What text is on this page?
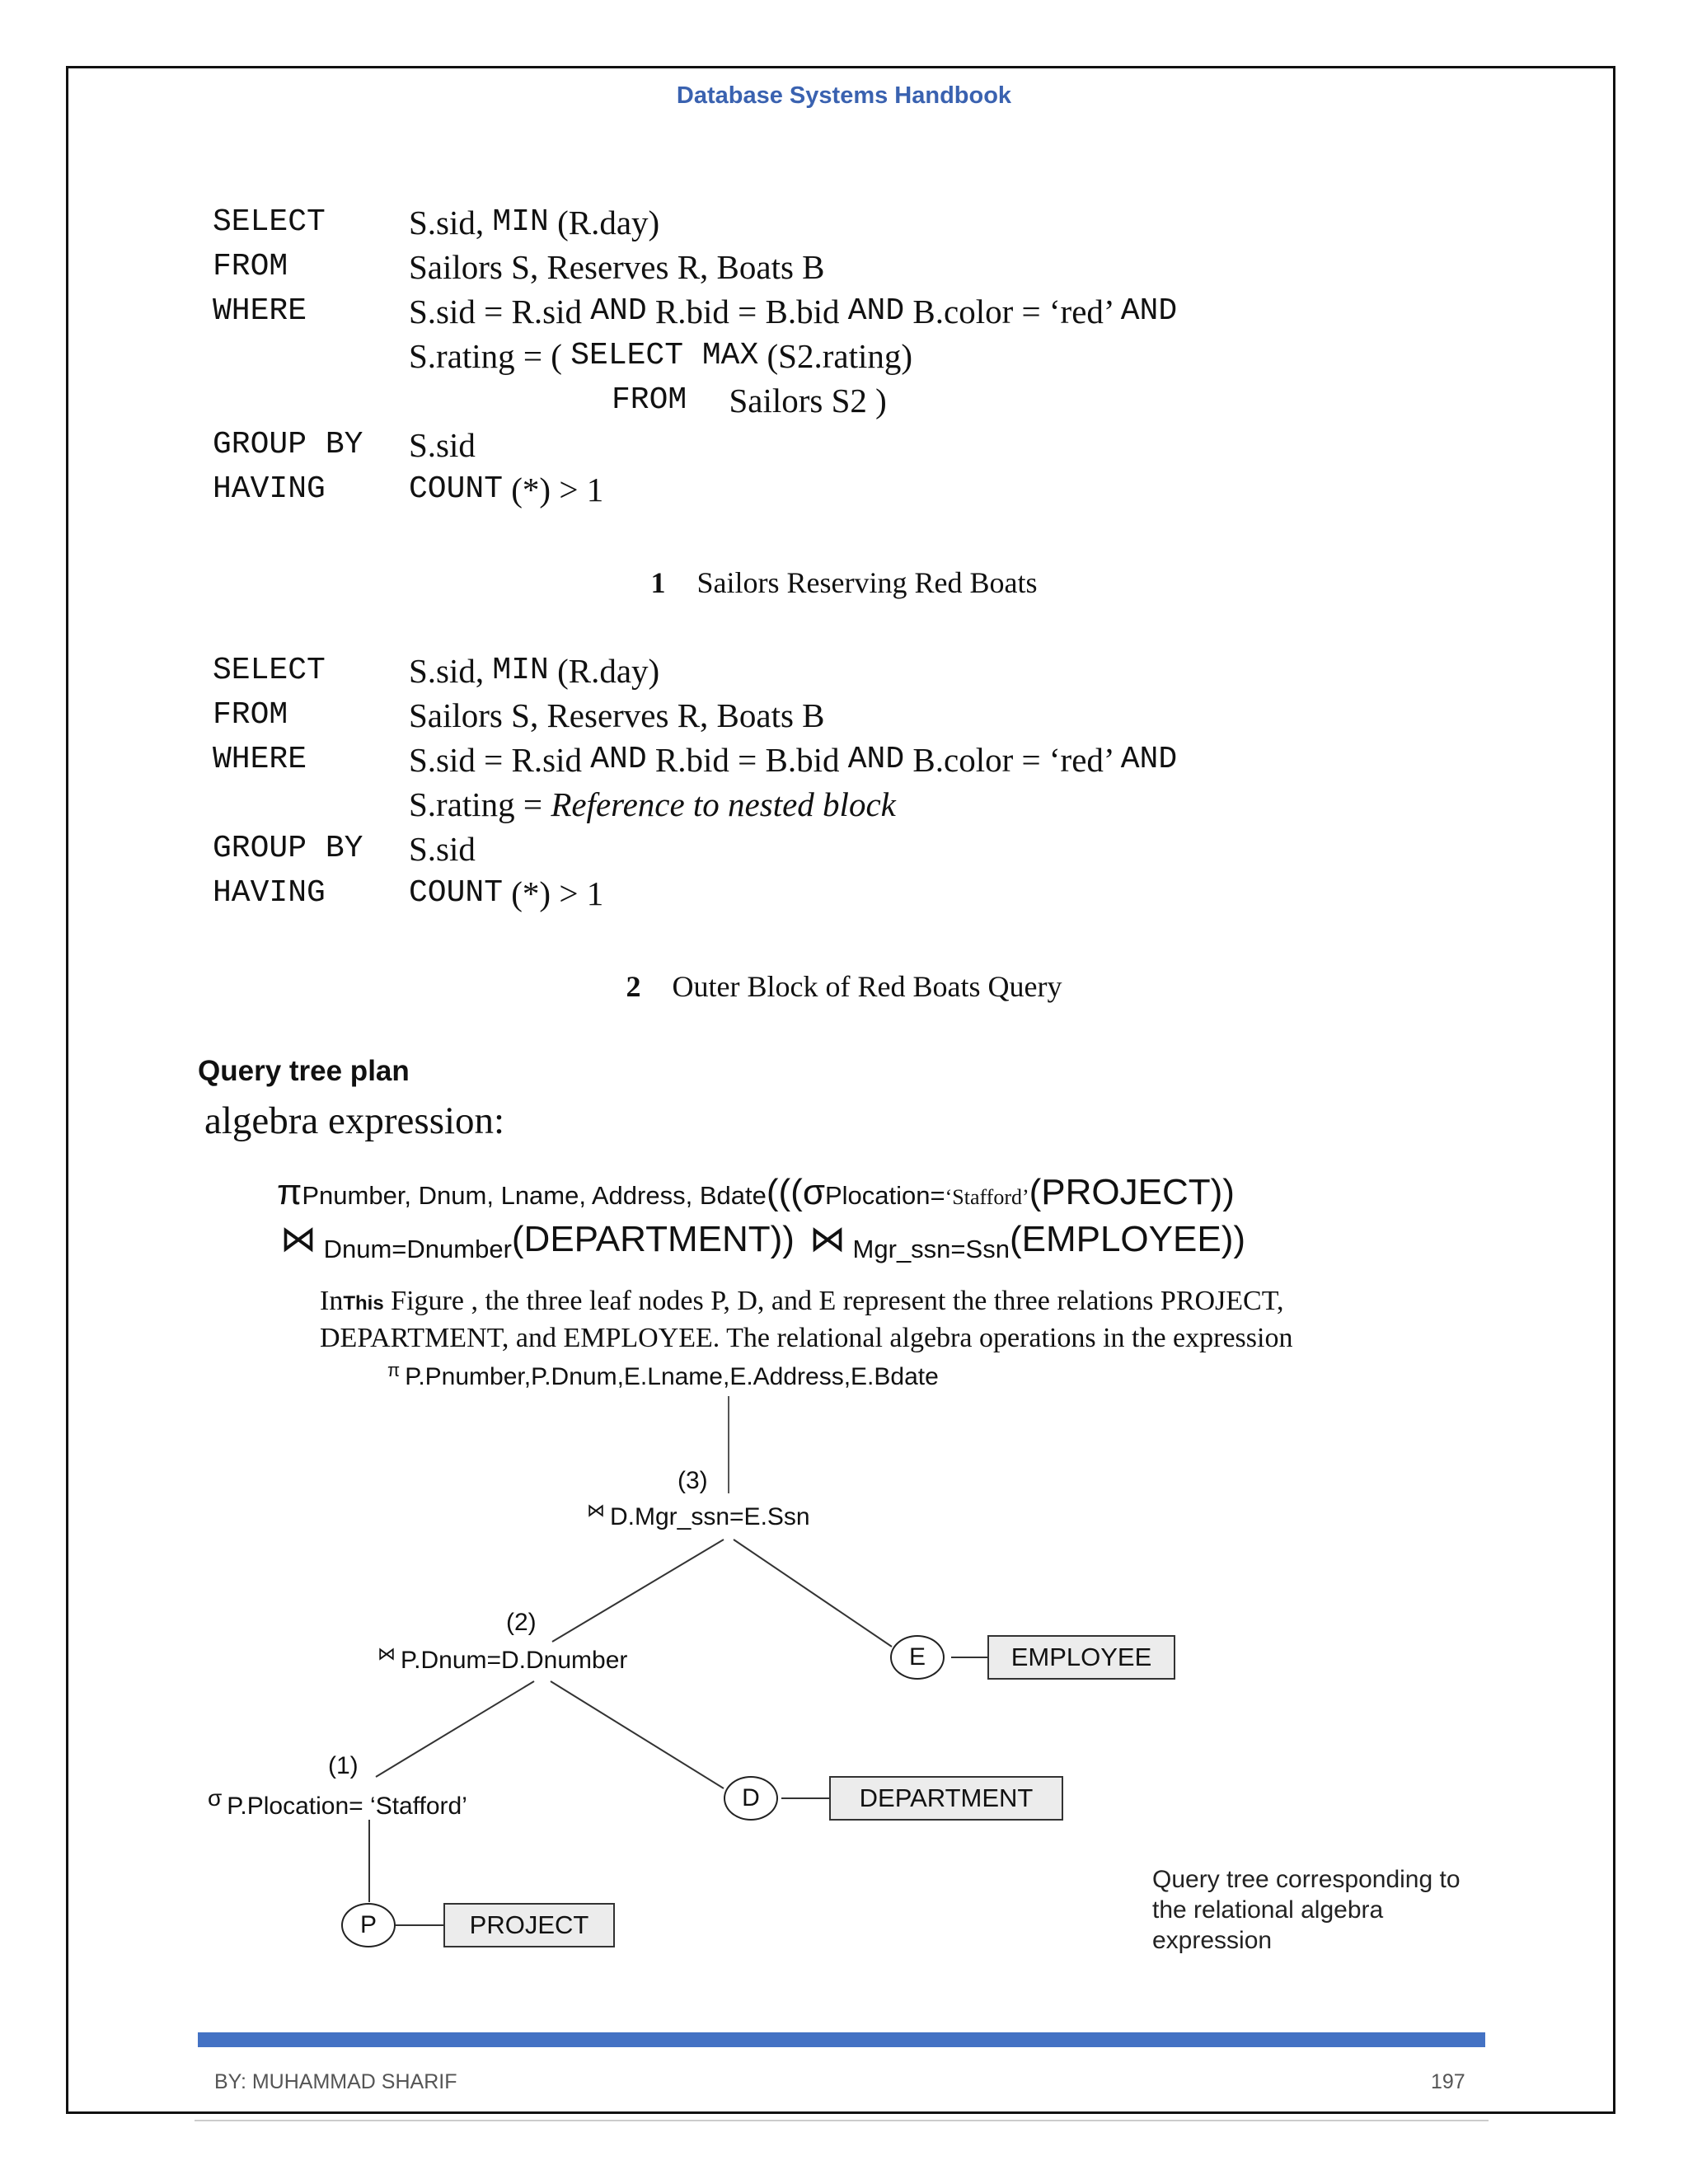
Database Systems Handbook
SELECT	S.sid, MIN (R.day)
FROM	Sailors S, Reserves R, Boats B
WHERE	S.sid = R.sid AND R.bid = B.bid AND B.color = ‘red’ AND
S.rating = ( SELECT MAX (S2.rating)

FROM Sailors S2 )
GROUP BY	S.sid
HAVING	COUNT (*) > 1
1 Sailors Reserving Red Boats
SELECT	S.sid, MIN (R.day)
FROM	Sailors S, Reserves R, Boats B
WHERE	S.sid = R.sid AND R.bid = B.bid AND B.color = ‘red’ AND
S.rating = Reference to nested block
GROUP BY	S.sid
HAVING	COUNT (*) > 1
2 Outer Block of Red Boats Query
Query tree plan
algebra expression:
πPnumber, Dnum, Lname, Address, Bdate(((σPlocation=‘Stafford’(PROJECT))
⋈ Dnum=Dnumber(DEPARTMENT)) ⋈ Mgr_ssn=Ssn(EMPLOYEE))
InThis Figure , the three leaf nodes P, D, and E represent the three relations PROJECT,
DEPARTMENT, and EMPLOYEE. The relational algebra operations in the expression
$^\pi$ P.Pnumber,P.Dnum,E.Lname,E.Address,E.Bdate
(3)
⋈ D.Mgr_ssn=E.Ssn
(2)
⋈ P.Dnum=D.Dnumber
(1)
σ P.Plocation= ‘Stafford’
E	EMPLOYEE
D	DEPARTMENT
P	PROJECT
Query tree corresponding to the relational algebra expression
BY: MUHAMMAD SHARIF	197
